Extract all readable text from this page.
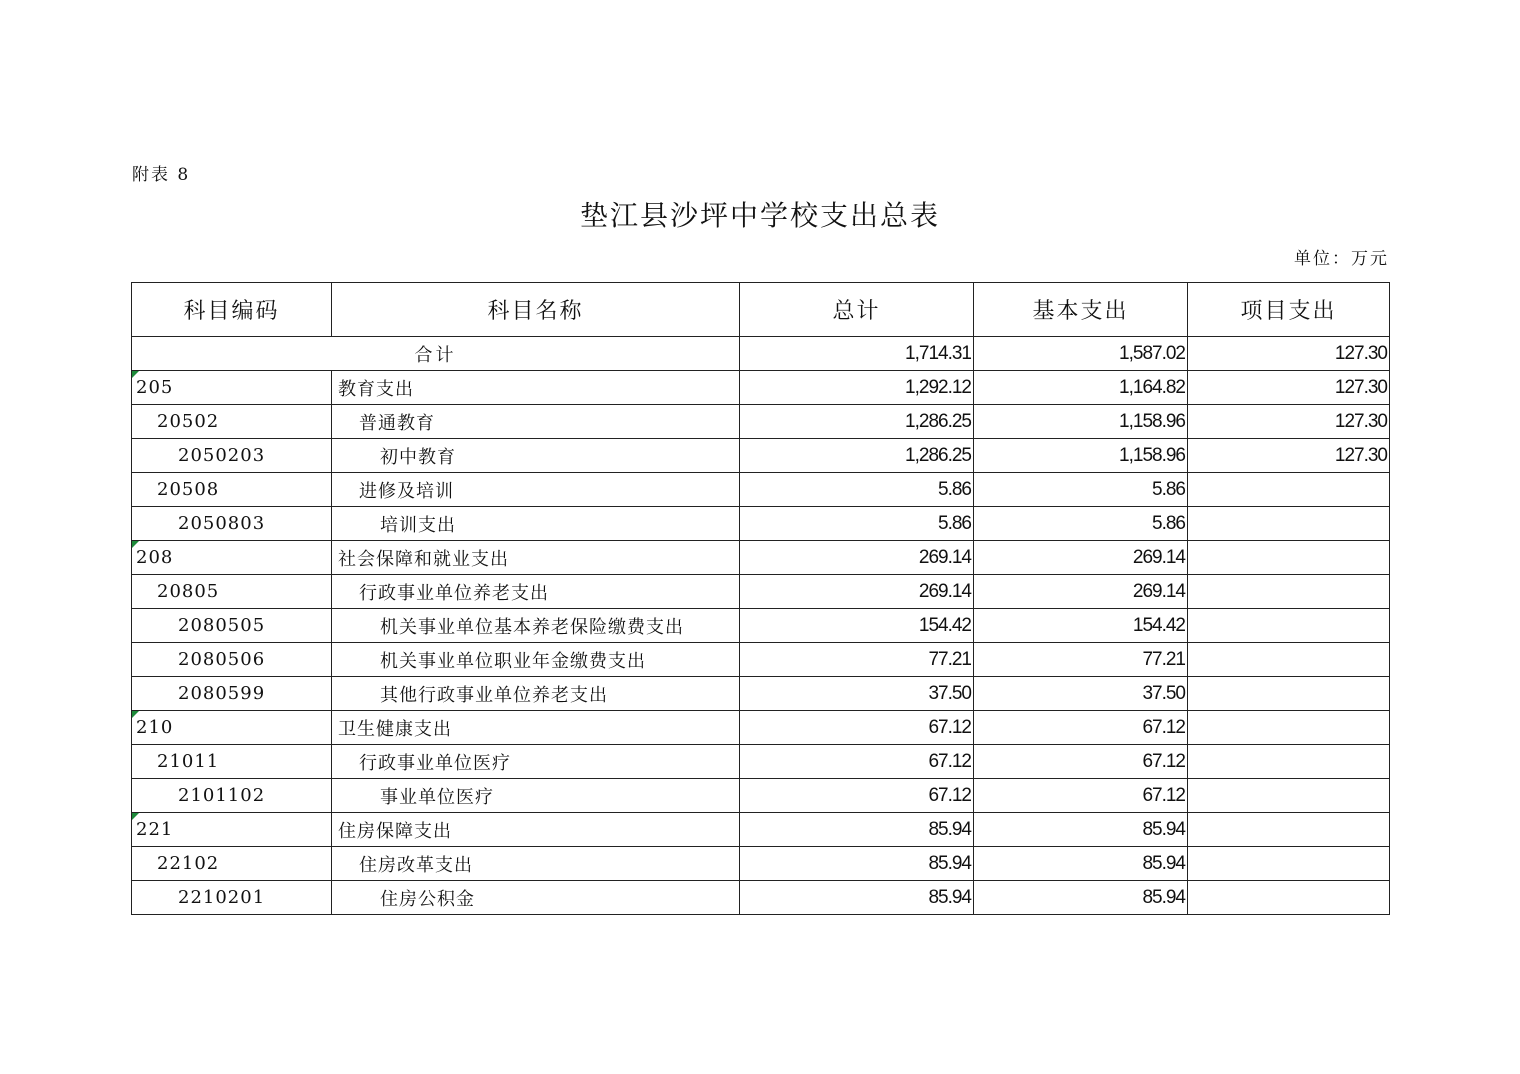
附表 8
垫江县沙坪中学校支出总表
单位：万元
科目编码	科目名称	总计	基本支出	项目支出
合计		1,714.31	1,587.02	127.30

205	教育支出	1,292.12	1,164.82	127.30
20502	普通教育	1,286.25	1,158.96	127.30
2050203	初中教育	1,286.25	1,158.96	127.30
20508	进修及培训	5.86	5.86	
2050803	培训支出	5.86	5.86	

208	社会保障和就业支出	269.14	269.14	
20805	行政事业单位养老支出	269.14	269.14	
2080505	机关事业单位基本养老保险缴费支出	154.42	154.42	
2080506	机关事业单位职业年金缴费支出	77.21	77.21	
2080599	其他行政事业单位养老支出	37.50	37.50	

210	卫生健康支出	67.12	67.12	
21011	行政事业单位医疗	67.12	67.12	
2101102	事业单位医疗	67.12	67.12	

221	住房保障支出	85.94	85.94	
22102	住房改革支出	85.94	85.94	
2210201	住房公积金	85.94	85.94	
